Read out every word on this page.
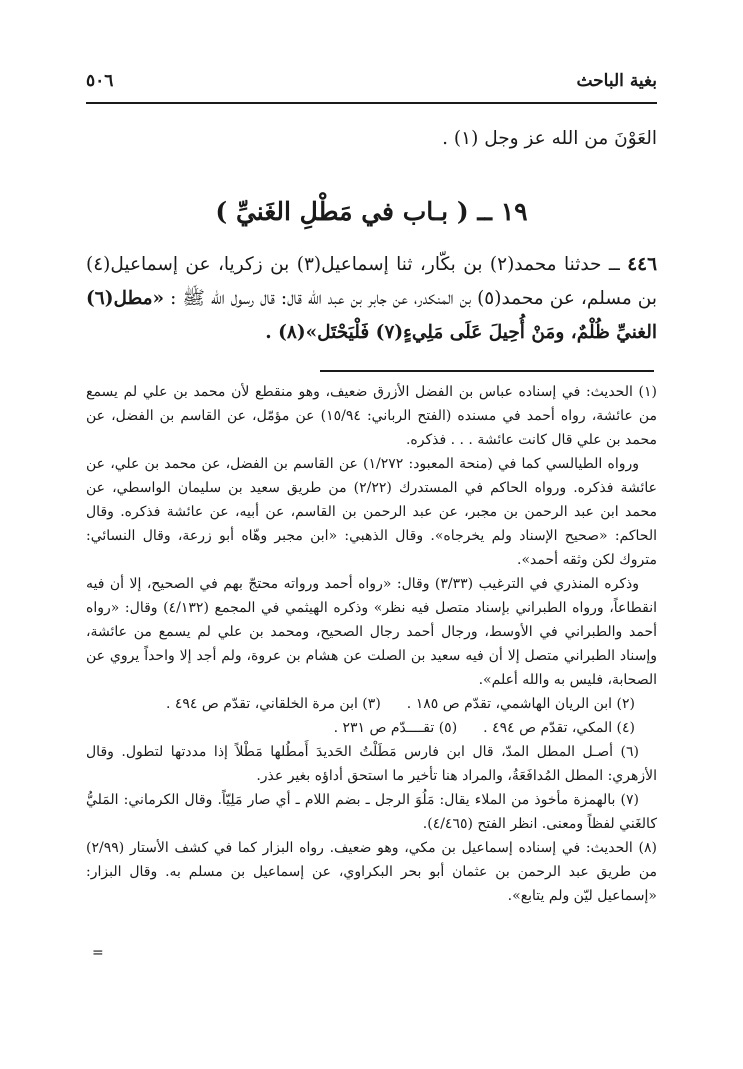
بغية الباحث
٥٠٦
العَوْنَ من الله عز وجل (١) .
١٩ ــ ( بـاب في مَطْلِ الغَنيِّ )
٤٤٦ ــ حدثنا محمد(٢) بن بكّار، ثنا إسماعيل(٣) بن زكريا، عن إسماعيل(٤) بن مسلم، عن محمد(٥) بن المنكدر، عن جابر بن عبد الله قال: قال رسول الله ﷺ : «مطل(٦) الغنيِّ ظُلْمٌ، ومَنْ أُحِيلَ عَلَى مَلِيءٍ(٧) فَلْيَحْتَل»(٨) .

(١) الحديث: في إسناده عباس بن الفضل الأزرق ضعيف، وهو منقطع لأن محمد بن علي لم يسمع من عائشة، رواه أحمد في مسنده (الفتح الرباني: ١٥/٩٤) عن مؤمّل، عن القاسم بن الفضل، عن محمد بن علي قال كانت عائشة . . . فذكره.

ورواه الطيالسي كما في (منحة المعبود: ١/٢٧٢) عن القاسم بن الفضل، عن محمد بن علي، عن عائشة فذكره. ورواه الحاكم في المستدرك (٢/٢٢) من طريق سعيد بن سليمان الواسطي، عن محمد ابن عبد الرحمن بن مجبر، عن عبد الرحمن بن القاسم، عن أبيه، عن عائشة فذكره. وقال الحاكم: «صحيح الإسناد ولم يخرجاه». وقال الذهبي: «ابن مجبر وهّاه أبو زرعة، وقال النسائي: متروك لكن وثقه أحمد».

وذكره المنذري في الترغيب (٣/٣٣) وقال: «رواه أحمد ورواته محتجّ بهم في الصحيح، إلا أن فيه انقطاعاً، ورواه الطبراني بإسناد متصل فيه نظر» وذكره الهيثمي في المجمع (٤/١٣٢) وقال: «رواه أحمد والطبراني في الأوسط، ورجال أحمد رجال الصحيح، ومحمد بن علي لم يسمع من عائشة، وإسناد الطبراني متصل إلا أن فيه سعيد بن الصلت عن هشام بن عروة، ولم أجد إلا واحداً يروي عن الصحابة، فليس به والله أعلم».

(٢) ابن الريان الهاشمي، تقدّم ص ١٨٥ .
(٣) ابن مرة الخلقاني، تقدّم ص ٤٩٤ .
(٤) المكي، تقدّم ص ٤٩٤ .
(٥) تقــــدّم ص ٢٣١ .

(٦) أصـل المطل المدّ، قال ابن فارس مَطَلْتُ الحَديدَ أَمطُلها مَطْلاً إذا مددتها لتطول. وقال الأزهري: المطل المُدافَعَةُ، والمراد هنا تأخير ما استحق أداؤه بغير عذر.

(٧) بالهمزة مأخوذ من الملاء يقال: مَلُوَ الرجل ـ بضم اللام ـ أي صار مَلِيّاً. وقال الكرماني: المَليُّ كالغَني لفظاً ومعنى. انظر الفتح (٤/٤٦٥).

(٨) الحديث: في إسناده إسماعيل بن مكي، وهو ضعيف. رواه البزار كما في كشف الأستار (٢/٩٩) من طريق عبد الرحمن بن عثمان أبو بحر البكراوي، عن إسماعيل بن مسلم به. وقال البزار: «إسماعيل ليّن ولم يتابع».

=
